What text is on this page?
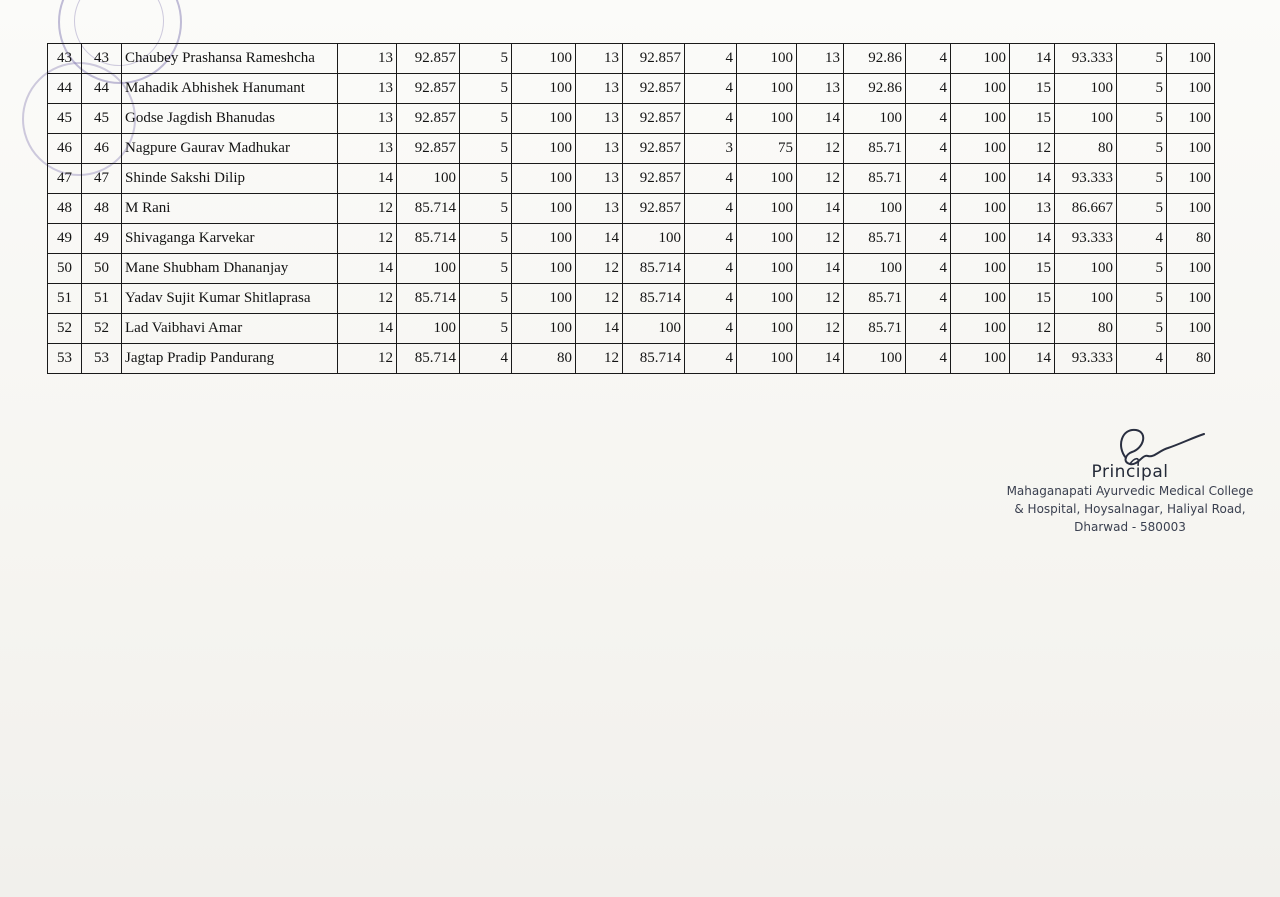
43	43	Chaubey Prashansa Rameshcha	13	92.857	5	100	13	92.857	4	100	13	92.86	4	100	14	93.333	5	100
44	44	Mahadik Abhishek Hanumant	13	92.857	5	100	13	92.857	4	100	13	92.86	4	100	15	100	5	100
45	45	Godse Jagdish Bhanudas	13	92.857	5	100	13	92.857	4	100	14	100	4	100	15	100	5	100
46	46	Nagpure Gaurav Madhukar	13	92.857	5	100	13	92.857	3	75	12	85.71	4	100	12	80	5	100
47	47	Shinde Sakshi Dilip	14	100	5	100	13	92.857	4	100	12	85.71	4	100	14	93.333	5	100
48	48	M Rani	12	85.714	5	100	13	92.857	4	100	14	100	4	100	13	86.667	5	100
49	49	Shivaganga Karvekar	12	85.714	5	100	14	100	4	100	12	85.71	4	100	14	93.333	4	80
50	50	Mane Shubham Dhananjay	14	100	5	100	12	85.714	4	100	14	100	4	100	15	100	5	100
51	51	Yadav Sujit Kumar Shitlaprasa	12	85.714	5	100	12	85.714	4	100	12	85.71	4	100	15	100	5	100
52	52	Lad Vaibhavi Amar	14	100	5	100	14	100	4	100	12	85.71	4	100	12	80	5	100
53	53	Jagtap Pradip Pandurang	12	85.714	4	80	12	85.714	4	100	14	100	4	100	14	93.333	4	80
Principal
Mahaganapati Ayurvedic Medical College
& Hospital, Hoysalnagar, Haliyal Road,
Dharwad - 580003
